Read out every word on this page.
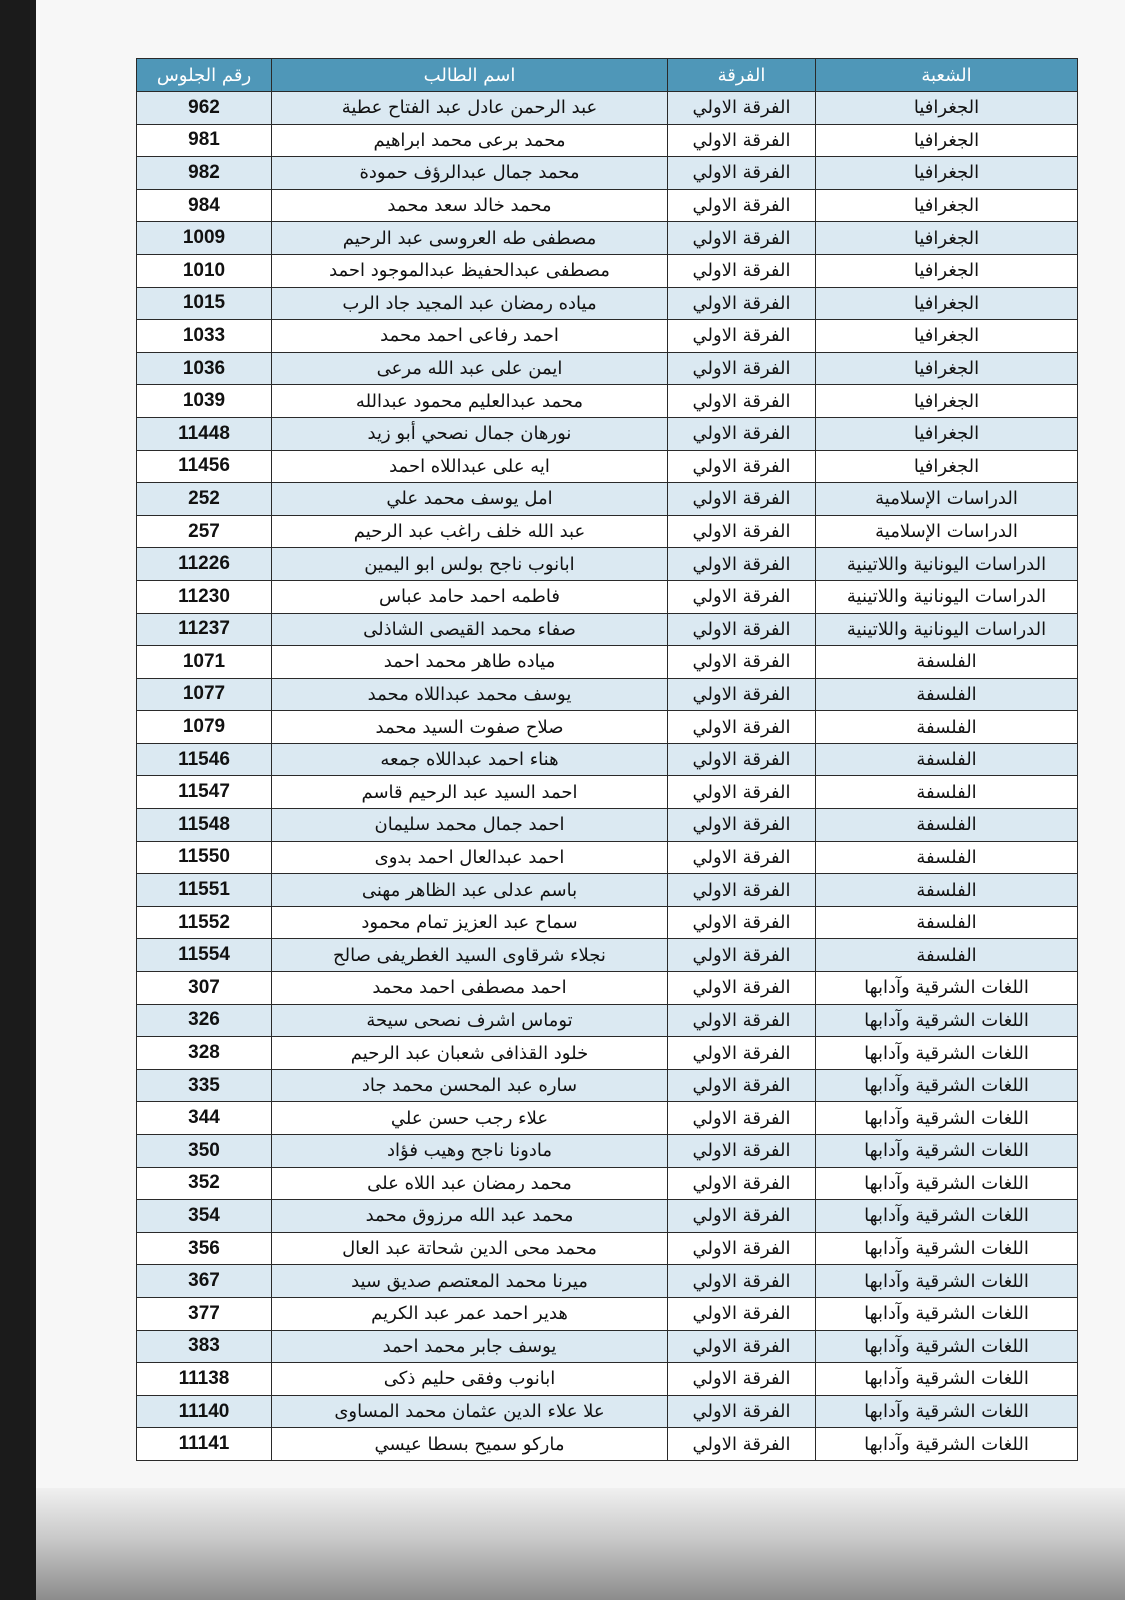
الشعبة	الفرقة	اسم الطالب	رقم الجلوس
الجغرافيا	الفرقة الاولي	عبد الرحمن عادل عبد الفتاح عطية	962
الجغرافيا	الفرقة الاولي	محمد برعى محمد ابراهيم	981
الجغرافيا	الفرقة الاولي	محمد جمال عبدالرؤف حمودة	982
الجغرافيا	الفرقة الاولي	محمد خالد سعد محمد	984
الجغرافيا	الفرقة الاولي	مصطفى طه العروسى عبد الرحيم	1009
الجغرافيا	الفرقة الاولي	مصطفى عبدالحفيظ عبدالموجود احمد	1010
الجغرافيا	الفرقة الاولي	مياده رمضان عبد المجيد جاد الرب	1015
الجغرافيا	الفرقة الاولي	احمد رفاعى احمد محمد	1033
الجغرافيا	الفرقة الاولي	ايمن على عبد الله مرعى	1036
الجغرافيا	الفرقة الاولي	محمد عبدالعليم محمود عبدالله	1039
الجغرافيا	الفرقة الاولي	نورهان جمال نصحي أبو زيد	11448
الجغرافيا	الفرقة الاولي	ايه على عبداللاه احمد	11456
الدراسات الإسلامية	الفرقة الاولي	امل يوسف محمد علي	252
الدراسات الإسلامية	الفرقة الاولي	عبد الله خلف راغب عبد الرحيم	257
الدراسات اليونانية واللاتينية	الفرقة الاولي	ابانوب ناجح بولس ابو اليمين	11226
الدراسات اليونانية واللاتينية	الفرقة الاولي	فاطمه احمد حامد عباس	11230
الدراسات اليونانية واللاتينية	الفرقة الاولي	صفاء محمد القيصى الشاذلى	11237
الفلسفة	الفرقة الاولي	مياده طاهر محمد احمد	1071
الفلسفة	الفرقة الاولي	يوسف محمد عبداللاه محمد	1077
الفلسفة	الفرقة الاولي	صلاح صفوت السيد محمد	1079
الفلسفة	الفرقة الاولي	هناء احمد عبداللاه جمعه	11546
الفلسفة	الفرقة الاولي	احمد السيد عبد الرحيم قاسم	11547
الفلسفة	الفرقة الاولي	احمد جمال محمد سليمان	11548
الفلسفة	الفرقة الاولي	احمد عبدالعال احمد بدوى	11550
الفلسفة	الفرقة الاولي	باسم عدلى عبد الظاهر مهنى	11551
الفلسفة	الفرقة الاولي	سماح عبد العزيز تمام محمود	11552
الفلسفة	الفرقة الاولي	نجلاء شرقاوى السيد الغطريفى صالح	11554
اللغات الشرقية وآدابها	الفرقة الاولي	احمد مصطفى احمد محمد	307
اللغات الشرقية وآدابها	الفرقة الاولي	توماس اشرف نصحى سيحة	326
اللغات الشرقية وآدابها	الفرقة الاولي	خلود القذافى شعبان عبد الرحيم	328
اللغات الشرقية وآدابها	الفرقة الاولي	ساره عبد المحسن محمد جاد	335
اللغات الشرقية وآدابها	الفرقة الاولي	علاء رجب حسن علي	344
اللغات الشرقية وآدابها	الفرقة الاولي	مادونا ناجح وهيب فؤاد	350
اللغات الشرقية وآدابها	الفرقة الاولي	محمد رمضان عبد اللاه على	352
اللغات الشرقية وآدابها	الفرقة الاولي	محمد عبد الله مرزوق محمد	354
اللغات الشرقية وآدابها	الفرقة الاولي	محمد محى الدين شحاتة عبد العال	356
اللغات الشرقية وآدابها	الفرقة الاولي	ميرنا محمد المعتصم صديق سيد	367
اللغات الشرقية وآدابها	الفرقة الاولي	هدير احمد عمر عبد الكريم	377
اللغات الشرقية وآدابها	الفرقة الاولي	يوسف جابر محمد احمد	383
اللغات الشرقية وآدابها	الفرقة الاولي	ابانوب وفقى حليم ذكى	11138
اللغات الشرقية وآدابها	الفرقة الاولي	علا علاء الدين عثمان محمد المساوى	11140
اللغات الشرقية وآدابها	الفرقة الاولي	ماركو سميح بسطا عيسي	11141
